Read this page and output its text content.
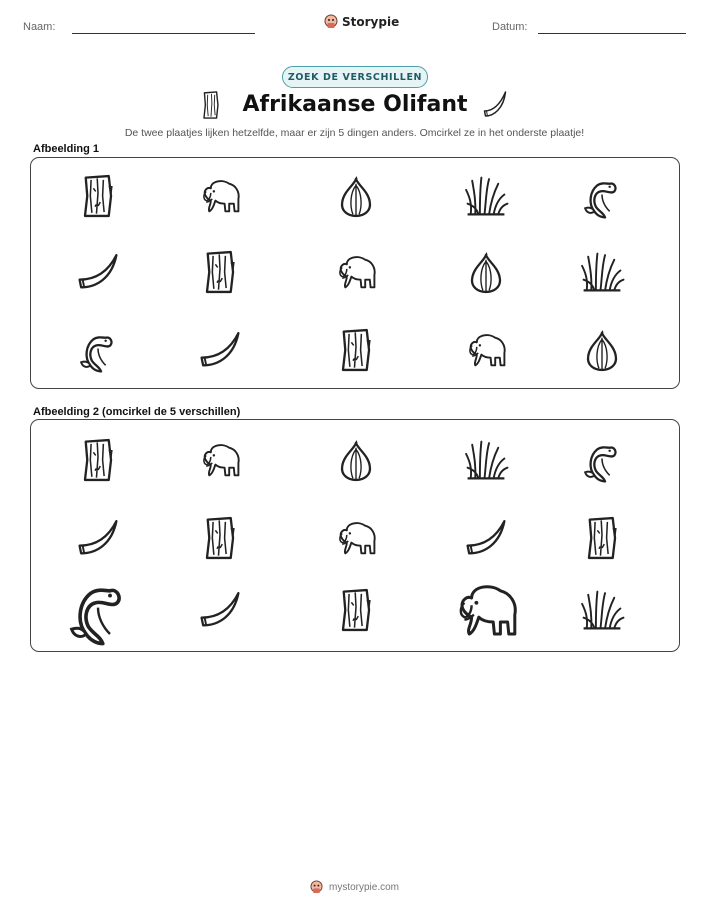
Naam:	Storypie	Datum:
ZOEK DE VERSCHILLEN
Afrikaanse Olifant
De twee plaatjes lijken hetzelfde, maar er zijn 5 dingen anders. Omcirkel ze in het onderste plaatje!
Afbeelding 1
Afbeelding 2 (omcirkel de 5 verschillen)
mystorypie.com
